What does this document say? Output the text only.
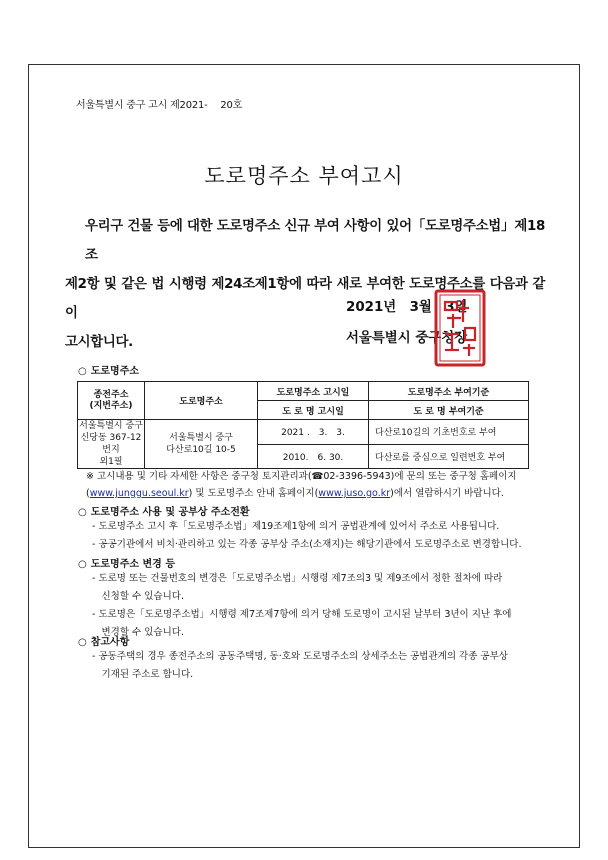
서울특별시 중구 고시 제2021-　 20호
도로명주소 부여고시
우리구 건물 등에 대한 도로명주소 신규 부여 사항이 있어「도로명주소법」제18조
제2항 및 같은 법 시행령 제24조제1항에 따라 새로 부여한 도로명주소를 다음과 같이
고시합니다.
2021년　3월　3일
서울특별시 중구청장
○ 도로명주소
종전주소
(지번주소)	도로명주소	도로명주소 고시일	도로명주소 부여기준
		도 로 명 고시일	도 로 명 부여기준
서울특별시 중구
신당동 367-12번지
외1필	서울특별시 중구
다산로10길 10-5	2021 .　3.　3.	다산로10길의 기초번호로 부여
		2010.　6. 30.	다산로를 중심으로 일련번호 부여
※ 고시내용 및 기타 자세한 사항은 중구청 토지관리과(☎02-3396-5943)에 문의 또는 중구청 홈페이지
(www.junggu.seoul.kr) 및 도로명주소 안내 홈페이지(www.juso.go.kr)에서 열람하시기 바랍니다.
○ 도로명주소 사용 및 공부상 주소전환
- 도로명주소 고시 후「도로명주소법」제19조제1항에 의거 공법관계에 있어서 주소로 사용됩니다.
- 공공기관에서 비치·관리하고 있는 각종 공부상 주소(소재지)는 해당기관에서 도로명주소로 변경합니다.
○ 도로명주소 변경 등
- 도로명 또는 건물번호의 변경은「도로명주소법」시행령 제7조의3 및 제9조에서 정한 절차에 따라
　신청할 수 있습니다.
- 도로명은「도로명주소법」시행령 제7조제7항에 의거 당해 도로명이 고시된 날부터 3년이 지난 후에
　변경할 수 있습니다.
○ 참고사항
- 공동주택의 경우 종전주소의 공동주택명, 동·호와 도로명주소의 상세주소는 공법관계의 각종 공부상
　기재된 주소로 합니다.
